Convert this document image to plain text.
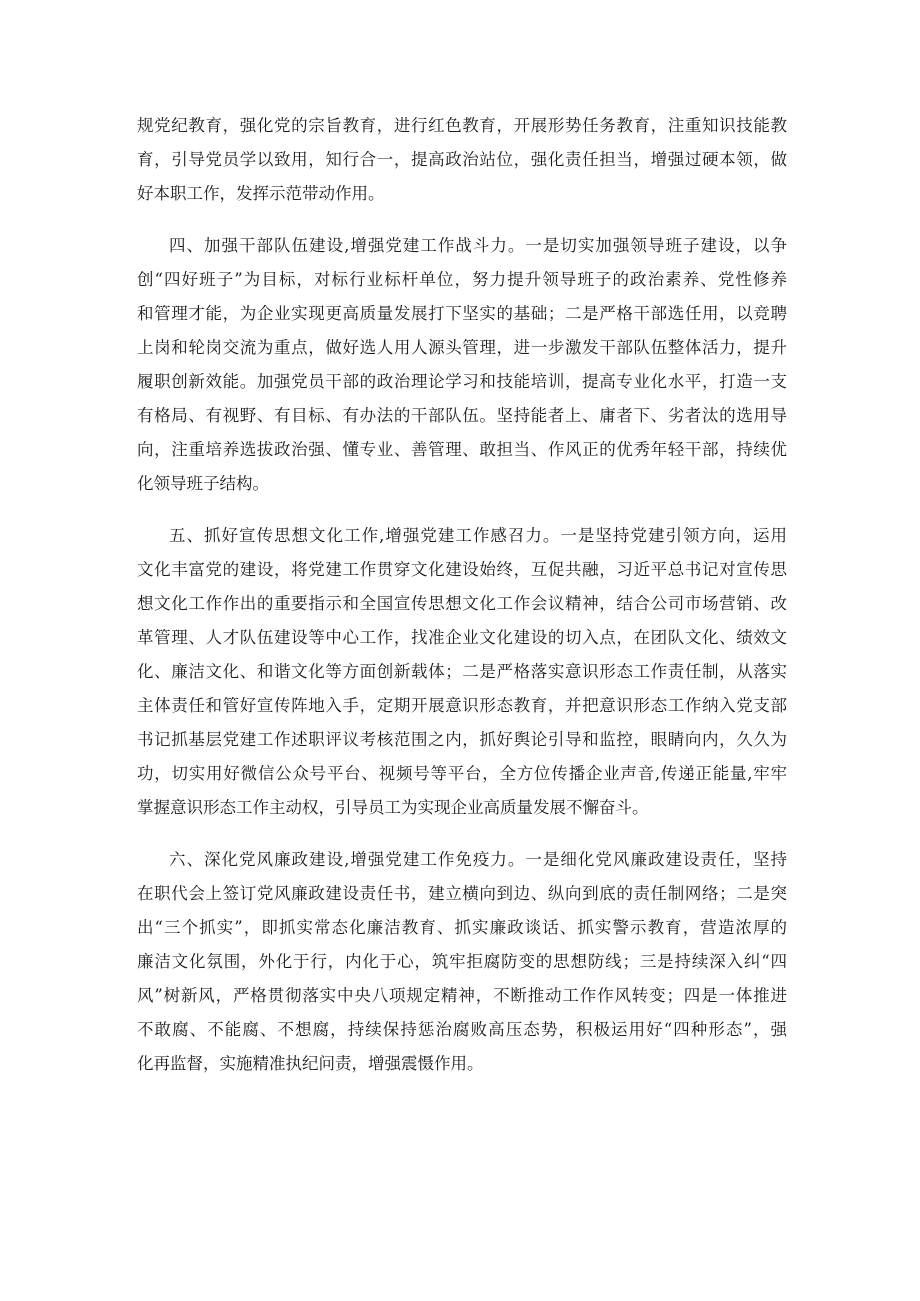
规党纪教育，强化党的宗旨教育，进行红色教育，开展形势任务教育，注重知识技能教
育，引导党员学以致用，知行合一，提高政治站位，强化责任担当，增强过硬本领，做
好本职工作，发挥示范带动作用。
四、加强干部队伍建设,增强党建工作战斗力。一是切实加强领导班子建设，以争
创“四好班子”为目标，对标行业标杆单位，努力提升领导班子的政治素养、党性修养
和管理才能，为企业实现更高质量发展打下坚实的基础；二是严格干部选任用，以竞聘
上岗和轮岗交流为重点，做好选人用人源头管理，进一步激发干部队伍整体活力，提升
履职创新效能。加强党员干部的政治理论学习和技能培训，提高专业化水平，打造一支
有格局、有视野、有目标、有办法的干部队伍。坚持能者上、庸者下、劣者汰的选用导
向，注重培养选拔政治强、懂专业、善管理、敢担当、作风正的优秀年轻干部，持续优
化领导班子结构。
五、抓好宣传思想文化工作,增强党建工作感召力。一是坚持党建引领方向，运用
文化丰富党的建设，将党建工作贯穿文化建设始终，互促共融，习近平总书记对宣传思
想文化工作作出的重要指示和全国宣传思想文化工作会议精神，结合公司市场营销、改
革管理、人才队伍建设等中心工作，找准企业文化建设的切入点，在团队文化、绩效文
化、廉洁文化、和谐文化等方面创新载体；二是严格落实意识形态工作责任制，从落实
主体责任和管好宣传阵地入手，定期开展意识形态教育，并把意识形态工作纳入党支部
书记抓基层党建工作述职评议考核范围之内，抓好舆论引导和监控，眼睛向内，久久为
功，切实用好微信公众号平台、视频号等平台，全方位传播企业声音,传递正能量,牢牢
掌握意识形态工作主动权，引导员工为实现企业高质量发展不懈奋斗。
六、深化党风廉政建设,增强党建工作免疫力。一是细化党风廉政建设责任，坚持
在职代会上签订党风廉政建设责任书，建立横向到边、纵向到底的责任制网络；二是突
出“三个抓实”，即抓实常态化廉洁教育、抓实廉政谈话、抓实警示教育，营造浓厚的
廉洁文化氛围，外化于行，内化于心，筑牢拒腐防变的思想防线；三是持续深入纠“四
风”树新风，严格贯彻落实中央八项规定精神，不断推动工作作风转变；四是一体推进
不敢腐、不能腐、不想腐，持续保持惩治腐败高压态势，积极运用好“四种形态”，强
化再监督，实施精准执纪问责，增强震慑作用。
